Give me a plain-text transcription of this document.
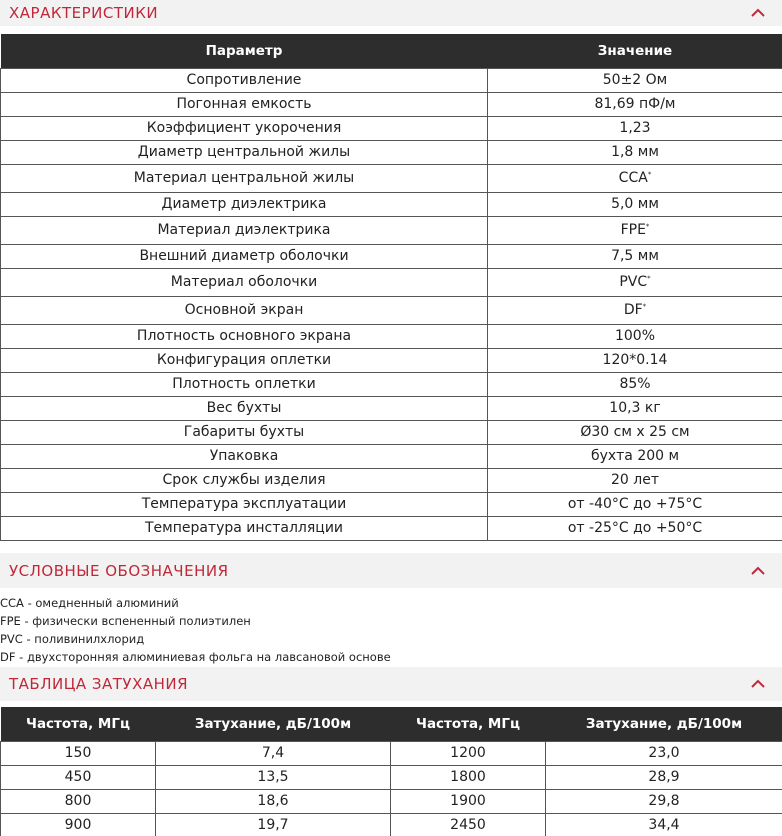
ХАРАКТЕРИСТИКИ
Параметр	Значение
Сопротивление	50±2 Ом
Погонная емкость	81,69 пФ/м
Коэффициент укорочения	1,23
Диаметр центральной жилы	1,8 мм
Материал центральной жилы	CCA*
Диаметр диэлектрика	5,0 мм
Материал диэлектрика	FPE*
Внешний диаметр оболочки	7,5 мм
Материал оболочки	PVC*
Основной экран	DF*
Плотность основного экрана	100%
Конфигурация оплетки	120*0.14
Плотность оплетки	85%
Вес бухты	10,3 кг
Габариты бухты	Ø30 см х 25 см
Упаковка	бухта 200 м
Срок службы изделия	20 лет
Температура эксплуатации	от -40°С до +75°С
Температура инсталляции	от -25°С до +50°С
УСЛОВНЫЕ ОБОЗНАЧЕНИЯ
CCA - омедненный алюминий
FPE - физически вспененный полиэтилен
PVC - поливинилхлорид
DF - двухсторонняя алюминиевая фольга на лавсановой основе
ТАБЛИЦА ЗАТУХАНИЯ
Частота, МГц	Затухание, дБ/100м	Частота, МГц	Затухание, дБ/100м
150	7,4	1200	23,0
450	13,5	1800	28,9
800	18,6	1900	29,8
900	19,7	2450	34,4
